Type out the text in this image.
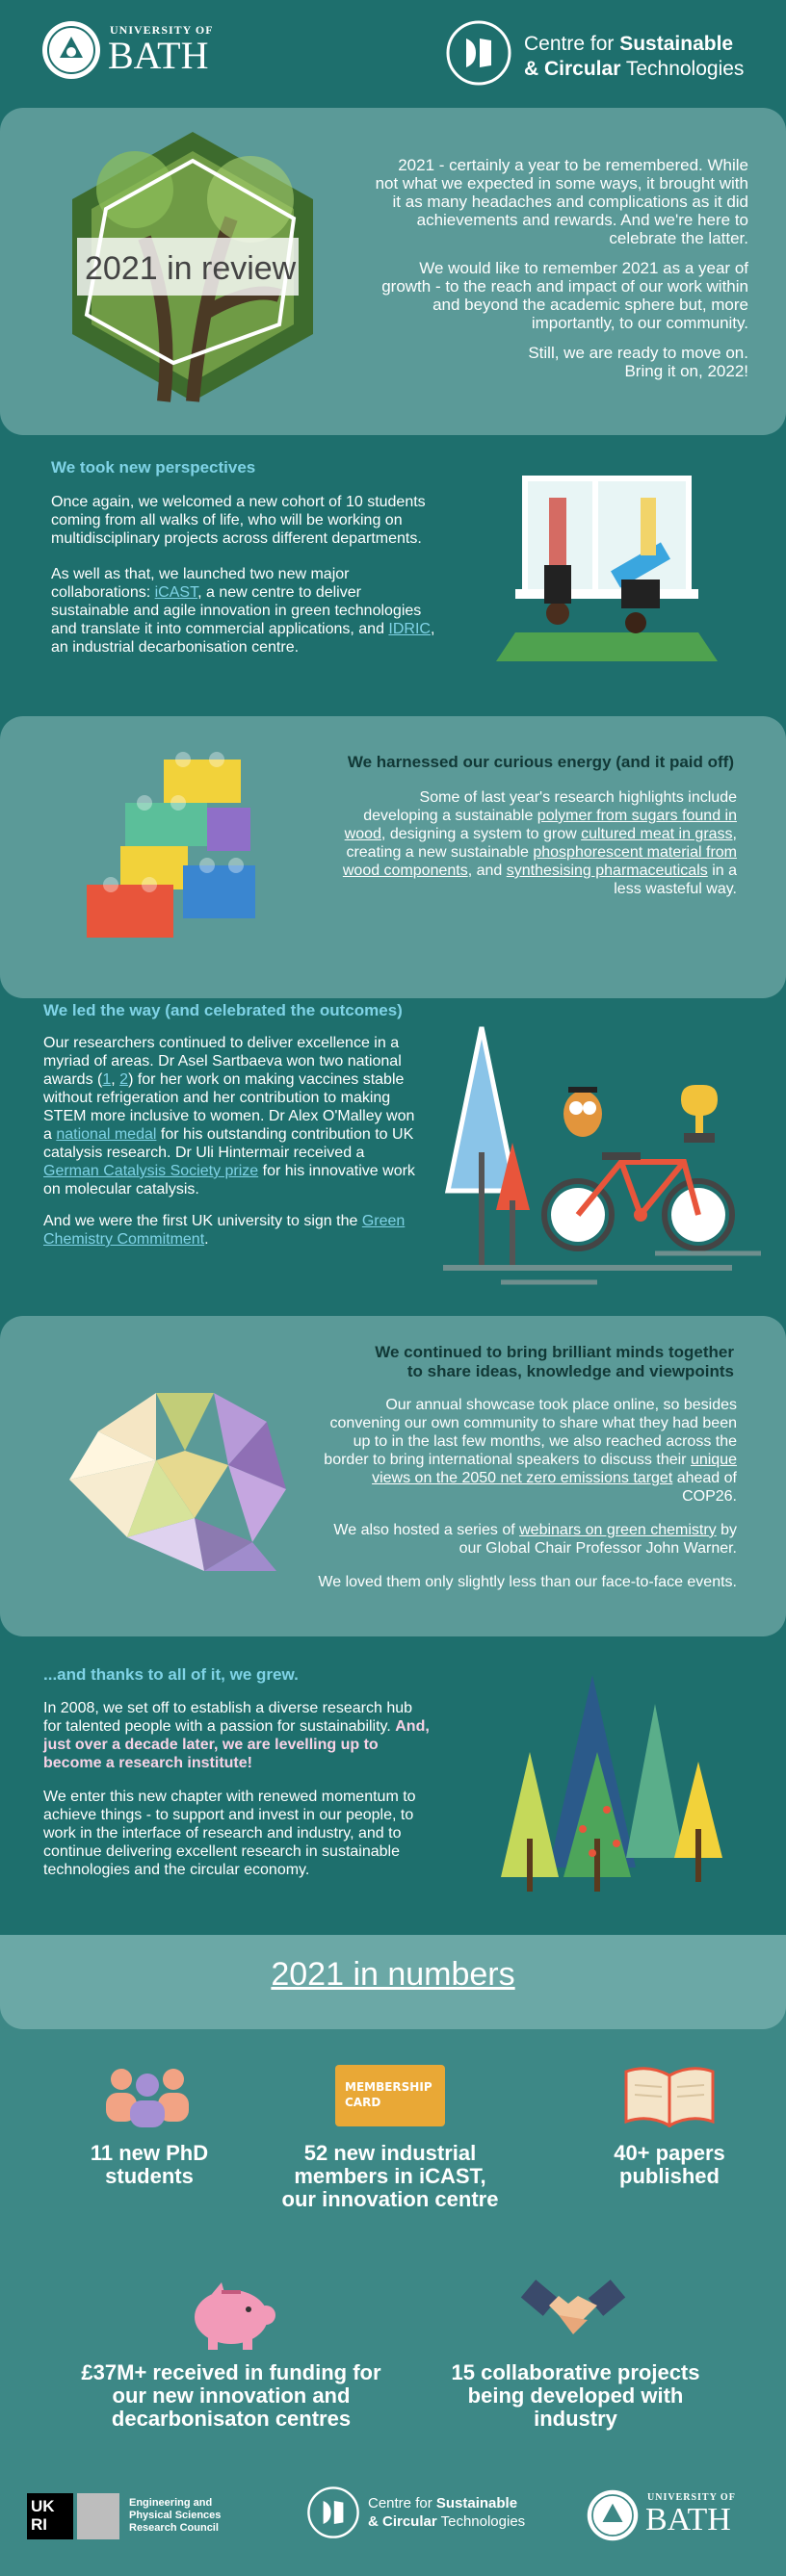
UNIVERSITY OF
BATH	Centre for Sustainable
& Circular Technologies
2021 in review

2021 - certainly a year to be remembered. While not what we expected in some ways, it brought with it as many headaches and complications as it did achievements and rewards. And we're here to celebrate the latter.

We would like to remember 2021 as a year of growth - to the reach and impact of our work within and beyond the academic sphere but, more importantly, to our community.

Still, we are ready to move on.

Bring it on, 2022!

We took new perspectives

Once again, we welcomed a new cohort of 10 students coming from all walks of life, who will be working on multidisciplinary projects across different departments.

As well as that, we launched two new major collaborations: iCAST, a new centre to deliver sustainable and agile innovation in green technologies and translate it into commercial applications, and IDRIC, an industrial decarbonisation centre.

We harnessed our curious energy (and it paid off)
Some of last year's research highlights include developing a sustainable polymer from sugars found in wood, designing a system to grow cultured meat in grass, creating a new sustainable phosphorescent material from wood components, and synthesising pharmaceuticals in a less wasteful way.
We led the way (and celebrated the outcomes)

Our researchers continued to deliver excellence in a myriad of areas. Dr Asel Sartbaeva won two national awards (1, 2) for her work on making vaccines stable without refrigeration and her contribution to making STEM more inclusive to women. Dr Alex O'Malley won a national medal for his outstanding contribution to UK catalysis research. Dr Uli Hintermair received a German Catalysis Society prize for his innovative work on molecular catalysis.

And we were the first UK university to sign the Green Chemistry Commitment.

We continued to bring brilliant minds together
to share ideas, knowledge and viewpoints

Our annual showcase took place online, so besides convening our own community to share what they had been up to in the last few months, we also reached across the border to bring international speakers to discuss their unique views on the 2050 net zero emissions target ahead of COP26.

We also hosted a series of webinars on green chemistry by our Global Chair Professor John Warner.

We loved them only slightly less than our face-to-face events.

...and thanks to all of it, we grew.

In 2008, we set off to establish a diverse research hub for talented people with a passion for sustainability. And, just over a decade later, we are levelling up to become a research institute!

We enter this new chapter with renewed momentum to achieve things - to support and invest in our people, to work in the interface of research and industry, and to continue delivering excellent research in sustainable technologies and the circular economy.

2021 in numbers
11 new PhD students
MEMBERSHIP
CARD
52 new industrial members in iCAST, our innovation centre
40+ papers published
£37M+ received in funding for our new innovation and decarbonisaton centres
15 collaborative projects being developed with industry
UK RI
Engineering and
Physical Sciences
Research Council
Centre for Sustainable
& Circular Technologies
UNIVERSITY OF
BATH
